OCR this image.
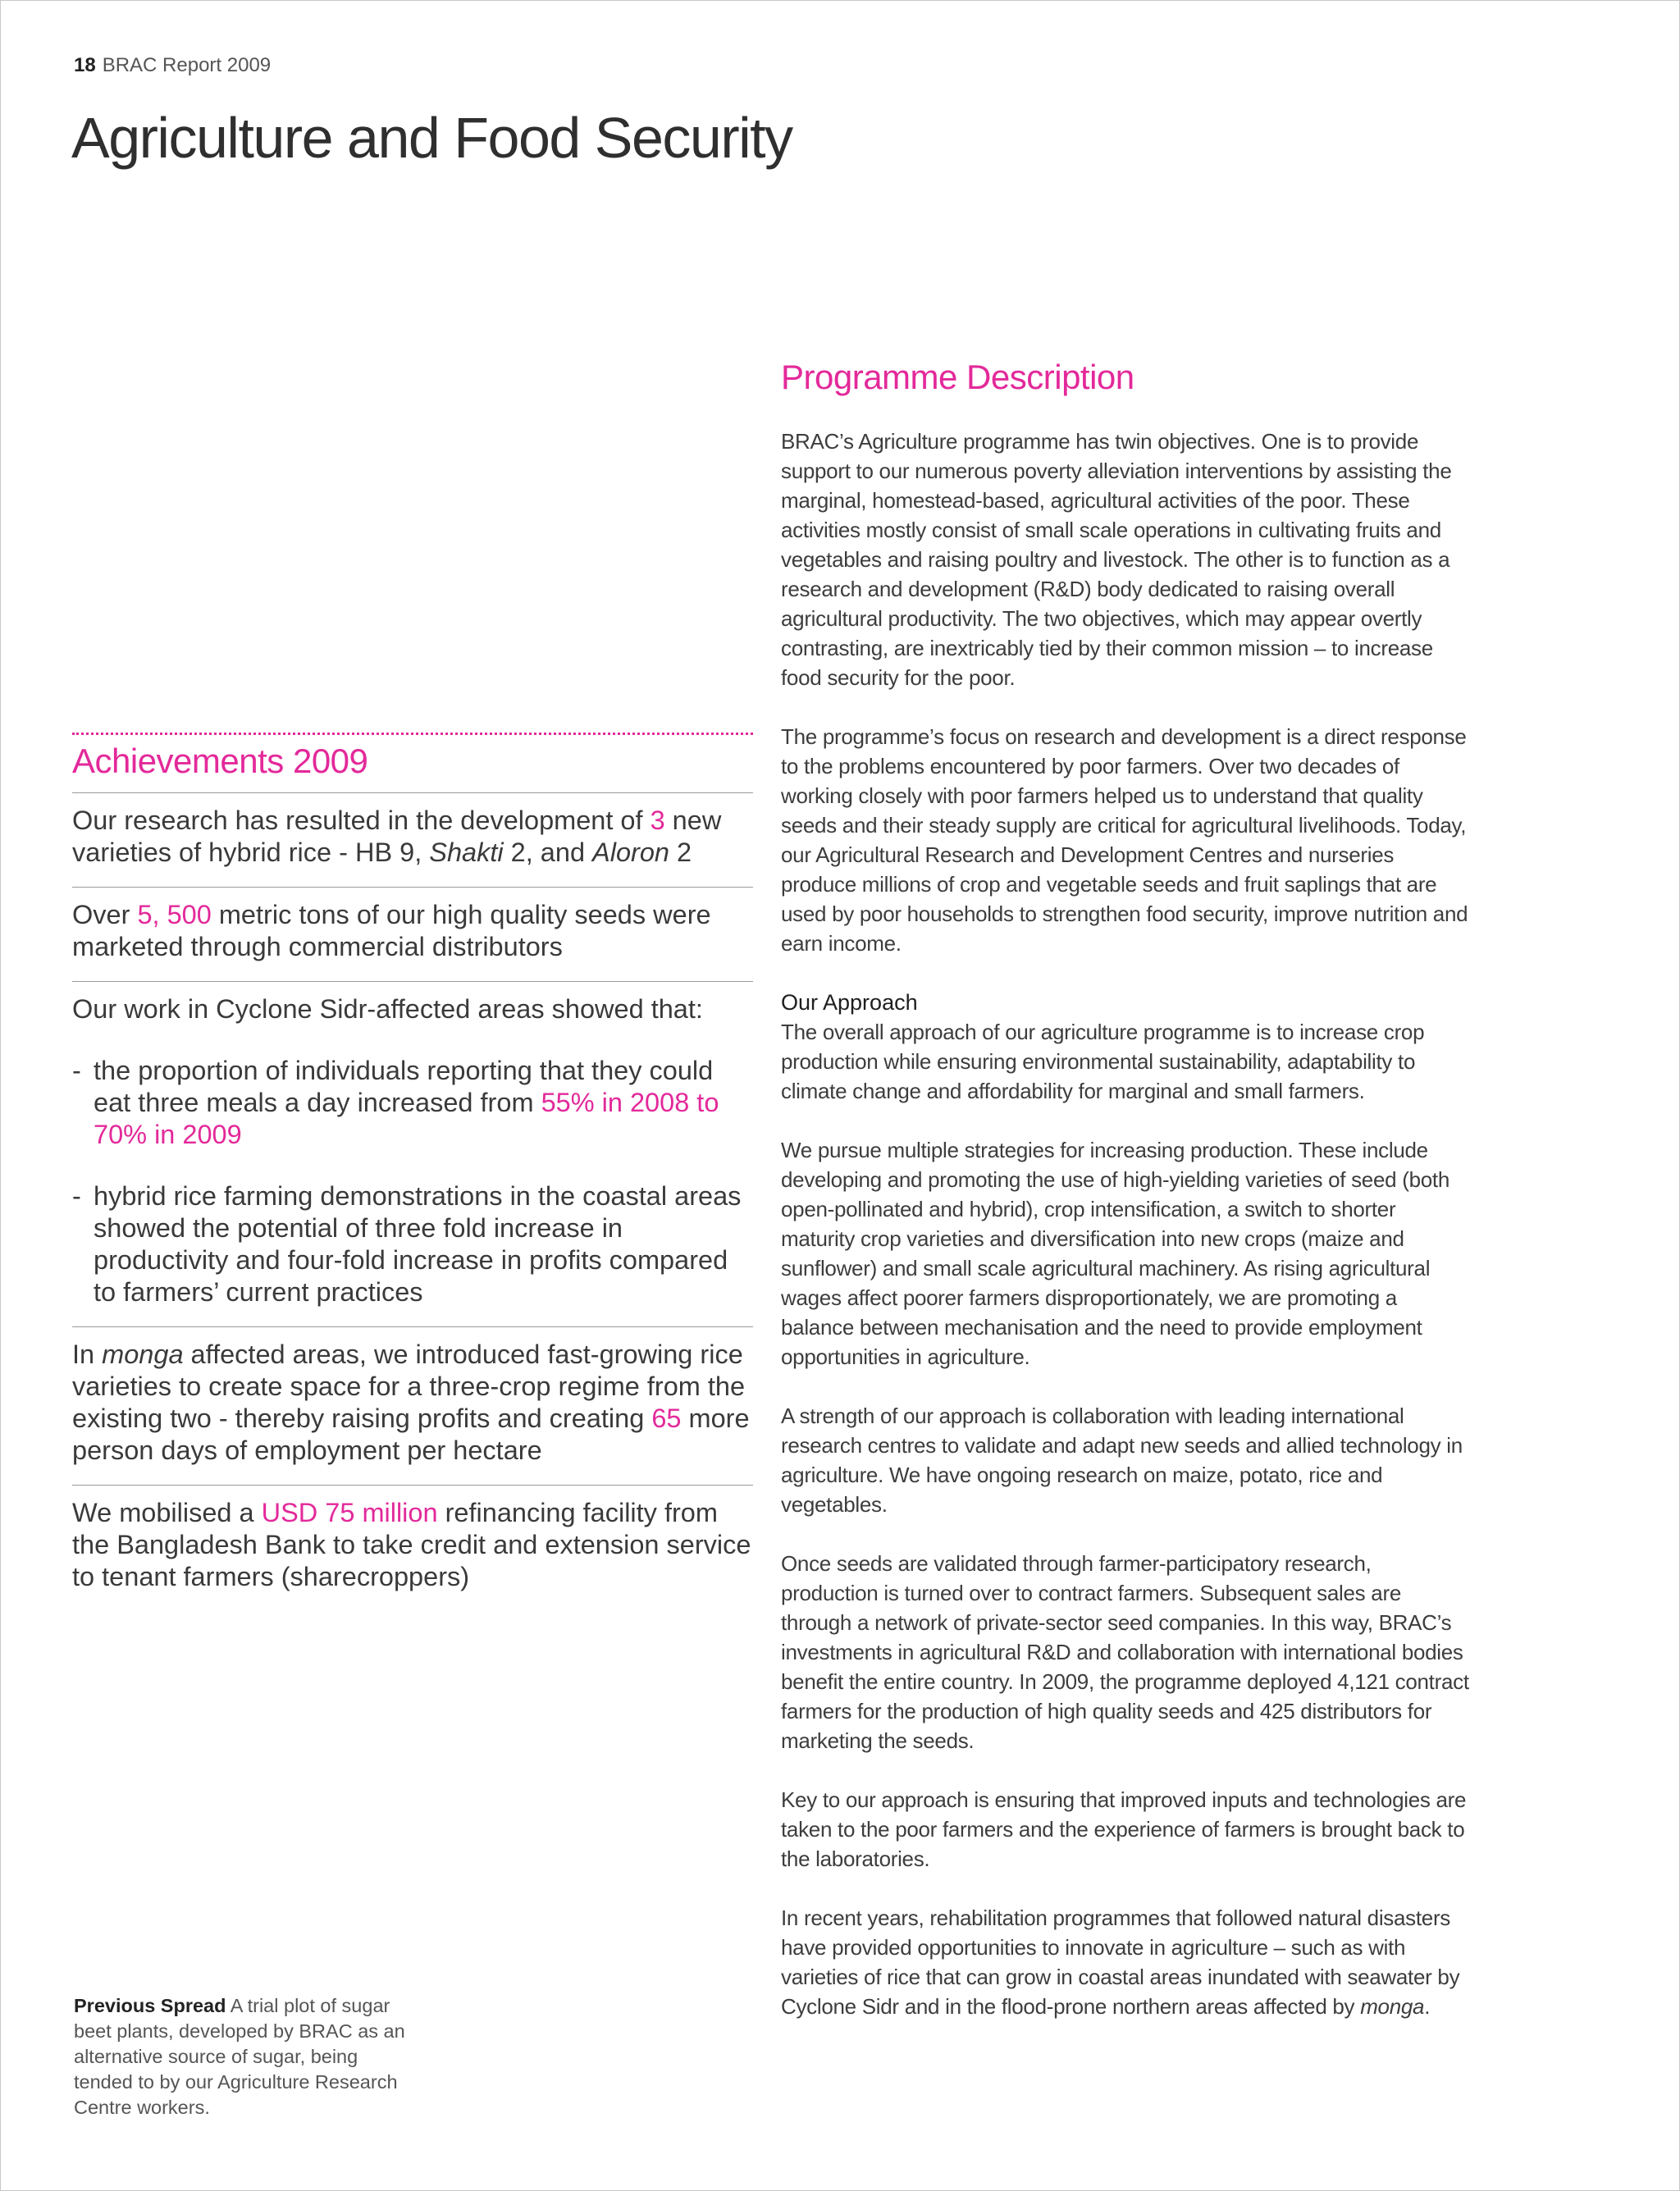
18 BRAC Report 2009
Agriculture and Food Security
Achievements 2009

Our research has resulted in the development of 3 new varieties of hybrid rice - HB 9, Shakti 2, and Aloron 2

Over 5, 500 metric tons of our high quality seeds were marketed through commercial distributors

Our work in Cyclone Sidr-affected areas showed that:

- the proportion of individuals reporting that they could eat three meals a day increased from 55% in 2008 to 70% in 2009
- hybrid rice farming demonstrations in the coastal areas showed the potential of three fold increase in productivity and four-fold increase in profits compared to farmers’ current practices

In monga affected areas, we introduced fast-growing rice varieties to create space for a three-crop regime from the existing two - thereby raising profits and creating 65 more person days of employment per hectare

We mobilised a USD 75 million refinancing facility from the Bangladesh Bank to take credit and extension service to tenant farmers (sharecroppers)

Previous Spread A trial plot of sugar beet plants, developed by BRAC as an alternative source of sugar, being tended to by our Agriculture Research Centre workers.
Programme Description

BRAC’s Agriculture programme has twin objectives. One is to provide support to our numerous poverty alleviation interventions by assisting the marginal, homestead-based, agricultural activities of the poor. These activities mostly consist of small scale operations in cultivating fruits and vegetables and raising poultry and livestock. The other is to function as a research and development (R&D) body dedicated to raising overall agricultural productivity. The two objectives, which may appear overtly contrasting, are inextricably tied by their common mission – to increase food security for the poor.

The programme’s focus on research and development is a direct response to the problems encountered by poor farmers. Over two decades of working closely with poor farmers helped us to understand that quality seeds and their steady supply are critical for agricultural livelihoods. Today, our Agricultural Research and Development Centres and nurseries produce millions of crop and vegetable seeds and fruit saplings that are used by poor households to strengthen food security, improve nutrition and earn income.

Our Approach

The overall approach of our agriculture programme is to increase crop production while ensuring environmental sustainability, adaptability to climate change and affordability for marginal and small farmers.

We pursue multiple strategies for increasing production. These include developing and promoting the use of high-yielding varieties of seed (both open-pollinated and hybrid), crop intensification, a switch to shorter maturity crop varieties and diversification into new crops (maize and sunflower) and small scale agricultural machinery. As rising agricultural wages affect poorer farmers disproportionately, we are promoting a balance between mechanisation and the need to provide employment opportunities in agriculture.

A strength of our approach is collaboration with leading international research centres to validate and adapt new seeds and allied technology in agriculture. We have ongoing research on maize, potato, rice and vegetables.

Once seeds are validated through farmer-participatory research, production is turned over to contract farmers. Subsequent sales are through a network of private-sector seed companies. In this way, BRAC’s investments in agricultural R&D and collaboration with international bodies benefit the entire country. In 2009, the programme deployed 4,121 contract farmers for the production of high quality seeds and 425 distributors for marketing the seeds.

Key to our approach is ensuring that improved inputs and technologies are taken to the poor farmers and the experience of farmers is brought back to the laboratories.

In recent years, rehabilitation programmes that followed natural disasters have provided opportunities to innovate in agriculture – such as with varieties of rice that can grow in coastal areas inundated with seawater by Cyclone Sidr and in the flood-prone northern areas affected by monga.
